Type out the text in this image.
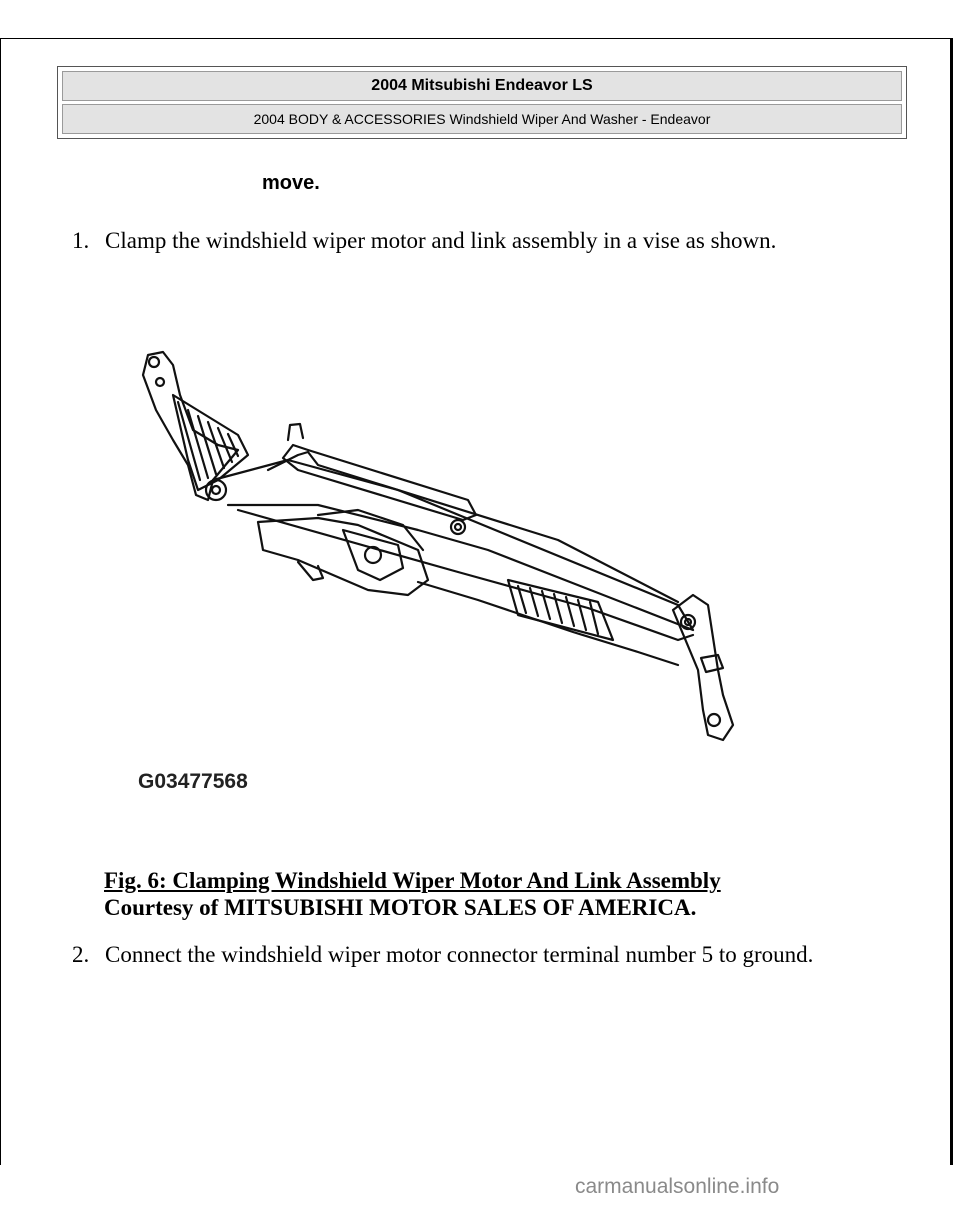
2004 Mitsubishi Endeavor LS
2004 BODY & ACCESSORIES Windshield Wiper And Washer - Endeavor
move.
1. Clamp the windshield wiper motor and link assembly in a vise as shown.
G03477568
Fig. 6: Clamping Windshield Wiper Motor And Link Assembly
Courtesy of MITSUBISHI MOTOR SALES OF AMERICA.
2. Connect the windshield wiper motor connector terminal number 5 to ground.
carmanualsonline.info
